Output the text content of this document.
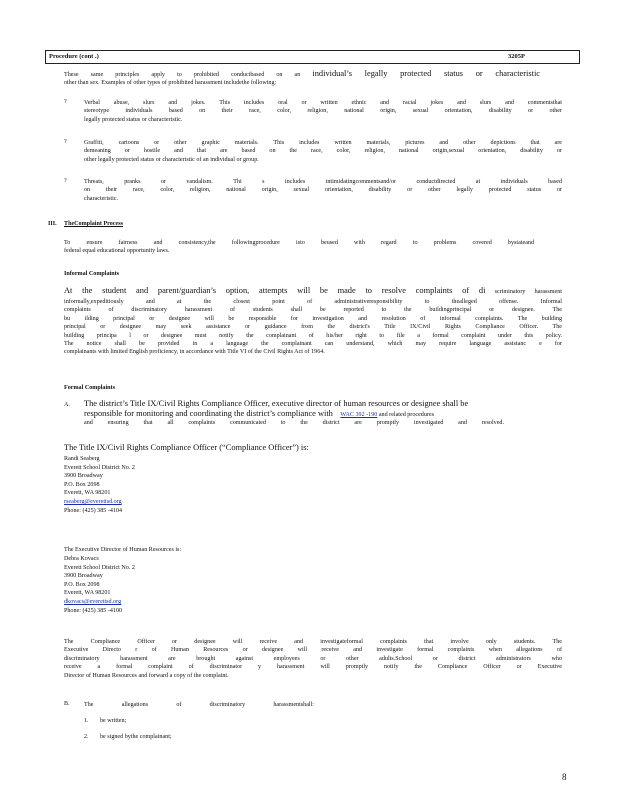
Procedure (cont .)	3205P

These same principles apply to prohibited conductbased on an individual’s legally protected status or characteristic

other than sex. Examples of other types of prohibited harassment includethe following:

?	Verbal abuse, slurs and jokes. This includes oral or written ethnic and racial jokes and slurs and commentsthat

stereotype individuals based on their race, color, religion, national origin, sexual orientation, disability or other

legally protected status or characteristic.

?	Graffiti, cartoons or other graphic materials. This includes written materials, pictures and other depictions that are

demeaning or hostile and that are based on the race, color, religion, national origin,sexual orientation, disability or

other legally protected status or characteristic of an individual or group.

?	Threats, pranks or vandalism. Thi s includes intimidatingcommentsand/or conductdirected at individuals based

on their race, color, religion, national origin, sexual orientation, disability or other legally protected status or

characteristic.

III. TheComplaint Process

To ensure fairness and consistency,the followingprocedure isto beused with regard to problems covered bystateand

federal equal educational opportunity laws.

Informal Complaints

At the student and parent/guardian’s option, attempts will be made to resolve complaints of di scriminatory harassment

informally,expeditiously and at the closest point of administrativeresponsibility to thealleged offense. Informal

complaints of discriminatory harassment of students shall be reported to the buildingprincipal or designee. The

bu ilding principal or designee will be responsible for investigation and resolution of informal complaints. The building

principal or designee may seek assistance or guidance from the district's Title IX/Civil Rights Compliance Officer. The

building principa l or designee must notify the complainant of his/her right to file a formal complaint under this policy.

The notice shall be provided in a language the complainant can understand, which may require language assistanc e for

complainants with limited English proficiency, in accordance with Title VI of the Civil Rights Act of 1964.

Formal Complaints
A. The district’s Title IX/Civil Rights Compliance Officer, executive director of human resources or designee shall be

responsible for monitoring and coordinating the district’s compliance with WAC 392 -190 and related procedures

and ensuring that all complaints communicated to the district are promptly investigated and resolved.

The Title IX/Civil Rights Compliance Officer (“Compliance Officer”) is:

Randi Seaberg
Everett School District No. 2
3900 Broadway
P.O. Box 2098
Everett, WA 98201
rseaberg@everettsd.org
Phone: (425) 385 -4104

The Executive Director of Human Resources is:

Debra Kovacs
Everett School District No. 2
3900 Broadway
P.O. Box 2098
Everett, WA 98201
dkovacs@everettsd.org
Phone: (425) 385 -4100

The Compliance Officer or designee will receive and investigateformal complaints that involve only students. The

Executive Directo r of Human Resources or designee will receive and investigate formal complaints when allegations of

discriminatory harassment are brought against employees or other adults.School or district administrators who

receive a formal complaint of discriminator y harassment will promptly notify the Compliance Officer or Executive

Director of Human Resources and forward a copy of the complaint.

B. The allegations of discriminatory harassmentshall:

1. be written;
2. be signed bythe complainant;
8
